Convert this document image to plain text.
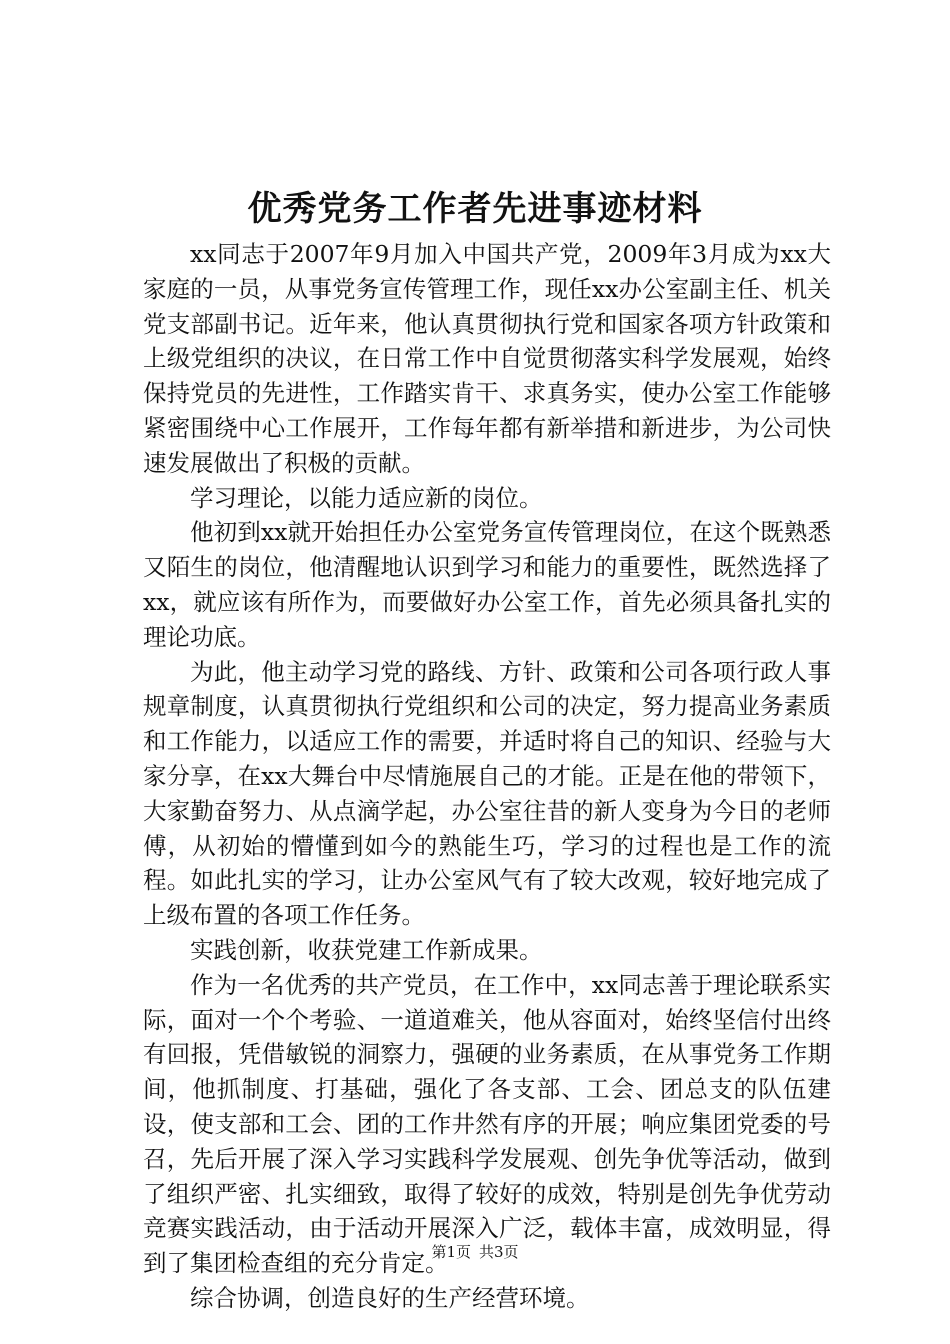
优秀党务工作者先进事迹材料

xx同志于2007年9月加入中国共产党，2009年3月成为xx大家庭的一员，从事党务宣传管理工作，现任xx办公室副主任、机关党支部副书记。近年来，他认真贯彻执行党和国家各项方针政策和上级党组织的决议，在日常工作中自觉贯彻落实科学发展观，始终保持党员的先进性，工作踏实肯干、求真务实，使办公室工作能够紧密围绕中心工作展开，工作每年都有新举措和新进步，为公司快速发展做出了积极的贡献。

学习理论，以能力适应新的岗位。

他初到xx就开始担任办公室党务宣传管理岗位，在这个既熟悉又陌生的岗位，他清醒地认识到学习和能力的重要性，既然选择了xx，就应该有所作为，而要做好办公室工作，首先必须具备扎实的理论功底。

为此，他主动学习党的路线、方针、政策和公司各项行政人事规章制度，认真贯彻执行党组织和公司的决定，努力提高业务素质和工作能力，以适应工作的需要，并适时将自己的知识、经验与大家分享，在xx大舞台中尽情施展自己的才能。正是在他的带领下，大家勤奋努力、从点滴学起，办公室往昔的新人变身为今日的老师傅，从初始的懵懂到如今的熟能生巧，学习的过程也是工作的流程。如此扎实的学习，让办公室风气有了较大改观，较好地完成了上级布置的各项工作任务。

实践创新，收获党建工作新成果。

作为一名优秀的共产党员，在工作中，xx同志善于理论联系实际，面对一个个考验、一道道难关，他从容面对，始终坚信付出终有回报，凭借敏锐的洞察力，强硬的业务素质，在从事党务工作期间，他抓制度、打基础，强化了各支部、工会、团总支的队伍建设，使支部和工会、团的工作井然有序的开展；响应集团党委的号召，先后开展了深入学习实践科学发展观、创先争优等活动，做到了组织严密、扎实细致，取得了较好的成效，特别是创先争优劳动竞赛实践活动，由于活动开展深入广泛，载体丰富，成效明显，得到了集团检查组的充分肯定。

综合协调，创造良好的生产经营环境。

第1页 共3页
